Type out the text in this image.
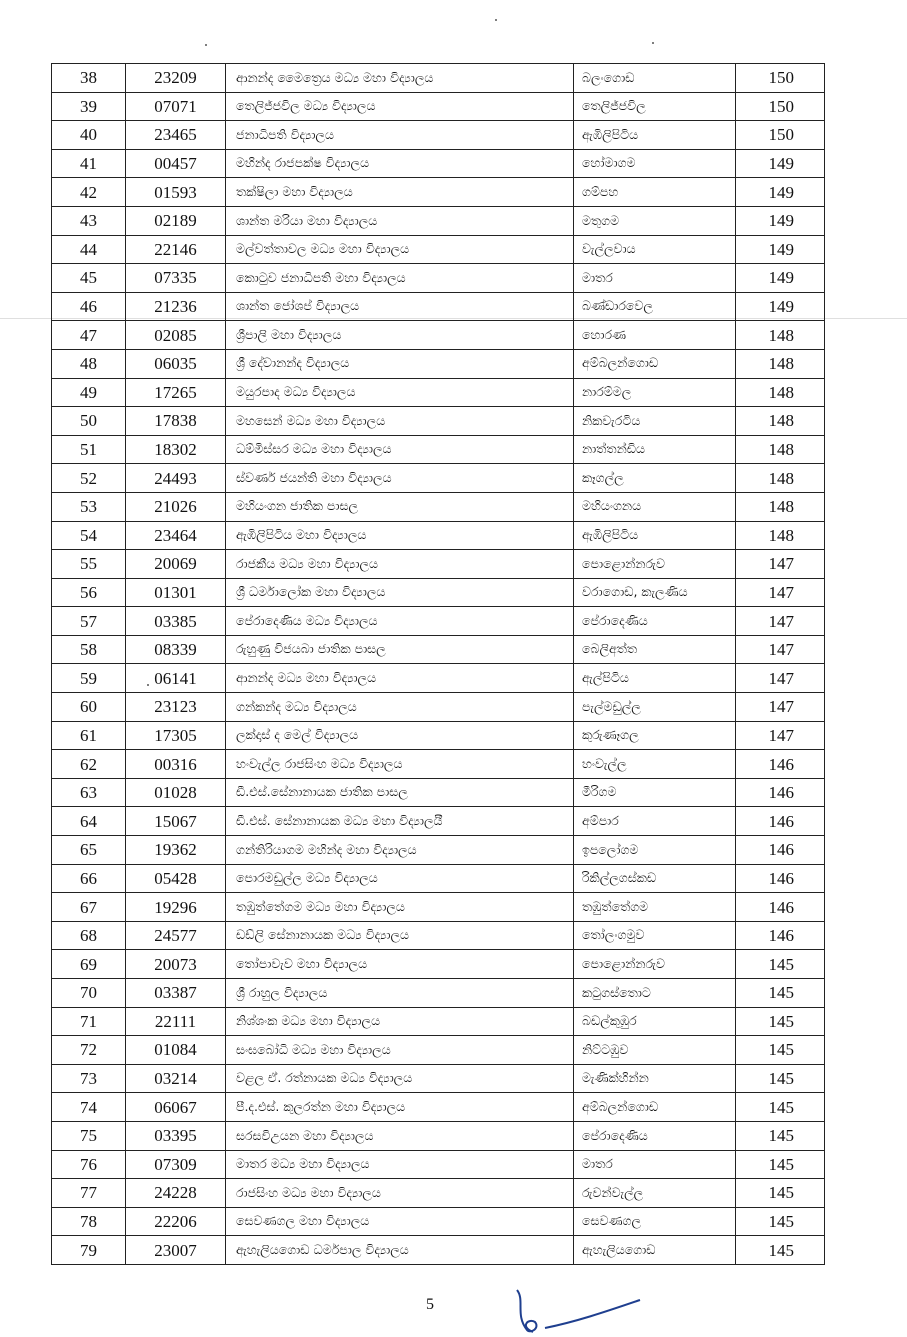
38	23209	ආනන්ද මෛත්‍රෙය මධ්‍ය මහා විද්‍යාලය	බලංගොඩ	150
39	07071	තෙලිජ්ජවිල මධ්‍ය විද්‍යාලය	තෙලිජ්ජවිල	150
40	23465	ජනාධිපති විද්‍යාලය	ඇඹිලිපිටිය	150
41	00457	මහින්ද රාජපක්ෂ විද්‍යාලය	හෝමාගම	149
42	01593	තක්ෂිලා මහා විද්‍යාලය	ගම්පහ	149
43	02189	ශාන්ත මරියා මහා විද්‍යාලය	මතුගම	149
44	22146	මල්වත්තාවල මධ්‍ය මහා විද්‍යාලය	වැල්ලවාය	149
45	07335	කොටුව ජනාධිපති මහා විද්‍යාලය	මාතර	149
46	21236	ශාන්ත ජෝශප් විද්‍යාලය	බණ්ඩාරවෙල	149
47	02085	ශ්‍රීපාලි මහා විද්‍යාලය	හොරණ	148
48	06035	ශ්‍රී දේවානන්ද විද්‍යාලය	අම්බලන්ගොඩ	148
49	17265	මයුරපාද මධ්‍ය විද්‍යාලය	නාරම්මල	148
50	17838	මහසෙන් මධ්‍ය මහා විද්‍යාලය	නිකවැරටිය	148
51	18302	ධම්මිස්සර මධ්‍ය මහා විද්‍යාලය	නාත්තන්ඩිය	148
52	24493	ස්වර්ණ ජයන්ති මහා විද්‍යාලය	කෑගල්ල	148
53	21026	මහියංගන ජාතික පාසල	මහියංගනය	148
54	23464	ඇඹිලිපිටිය මහා විද්‍යාලය	ඇඹිලිපිටිය	148
55	20069	රාජකීය මධ්‍ය මහා විද්‍යාලය	පොළොන්නරුව	147
56	01301	ශ්‍රී ධර්මාලෝක මහා විද්‍යාලය	වරාගොඩ, කැලණිය	147
57	03385	පේරාදෙණිය මධ්‍ය විද්‍යාලය	පේරාදෙණිය	147
58	08339	රුහුණු විජයබා ජාතික පාසල	බෙලිඅත්ත	147
59	06141	ආනන්ද මධ්‍ය මහා විද්‍යාලය	ඇල්පිටිය	147
60	23123	ගන්කන්ද මධ්‍ය විද්‍යාලය	පැල්මඩුල්ල	147
61	17305	ලක්දාස් ද මෙල් විද්‍යාලය	කුරුණෑගල	147
62	00316	හංවැල්ල රාජසිංහ මධ්‍ය විද්‍යාලය	හංවැල්ල	146
63	01028	ඩී.එස්.සේනානායක ජාතික පාසල	මීරිගම	146
64	15067	ඩී.එස්. සේනානායක මධ්‍ය මහා විද්‍යාලයී	අම්පාර	146
65	19362	ගන්තිරියාගම මහින්ද මහා විද්‍යාලය	ඉපලෝගම	146
66	05428	පොරමඩුල්ල මධ්‍ය විද්‍යාලය	රිකිල්ලගස්කඩ	146
67	19296	තඹුත්තේගම මධ්‍ය මහා විද්‍යාලය	තඹුත්තේගම	146
68	24577	ඩඩ්ලි සේනානායක මධ්‍ය විද්‍යාලය	තෝලංගමුව	146
69	20073	තෝපාවැව මහා විද්‍යාලය	පොළොන්නරුව	145
70	03387	ශ්‍රී රාහුල විද්‍යාලය	කටුගස්තොට	145
71	22111	නිශ්ශංක මධ්‍ය මහා විද්‍යාලය	බඩල්කුඹුර	145
72	01084	සංඝබෝධි මධ්‍ය මහා විද්‍යාලය	නිට්ටඹුව	145
73	03214	වළල ඒ. රත්නායක මධ්‍ය විද්‍යාලය	මැණික්හින්න	145
74	06067	පී.ද.එස්. කුලරත්න මහා විද්‍යාලය	අම්බලන්ගොඩ	145
75	03395	සරසවිඋයන මහා විද්‍යාලය	පේරාදෙණිය	145
76	07309	මාතර මධ්‍ය මහා විද්‍යාලය	මාතර	145
77	24228	රාජසිංහ මධ්‍ය මහා විද්‍යාලය	රුවන්වැල්ල	145
78	22206	සෙවණගල මහා විද්‍යාලය	සෙවණගල	145
79	23007	ඇහැලියගොඩ ධර්මපාල විද්‍යාලය	ඇහැලියගොඩ	145
5
